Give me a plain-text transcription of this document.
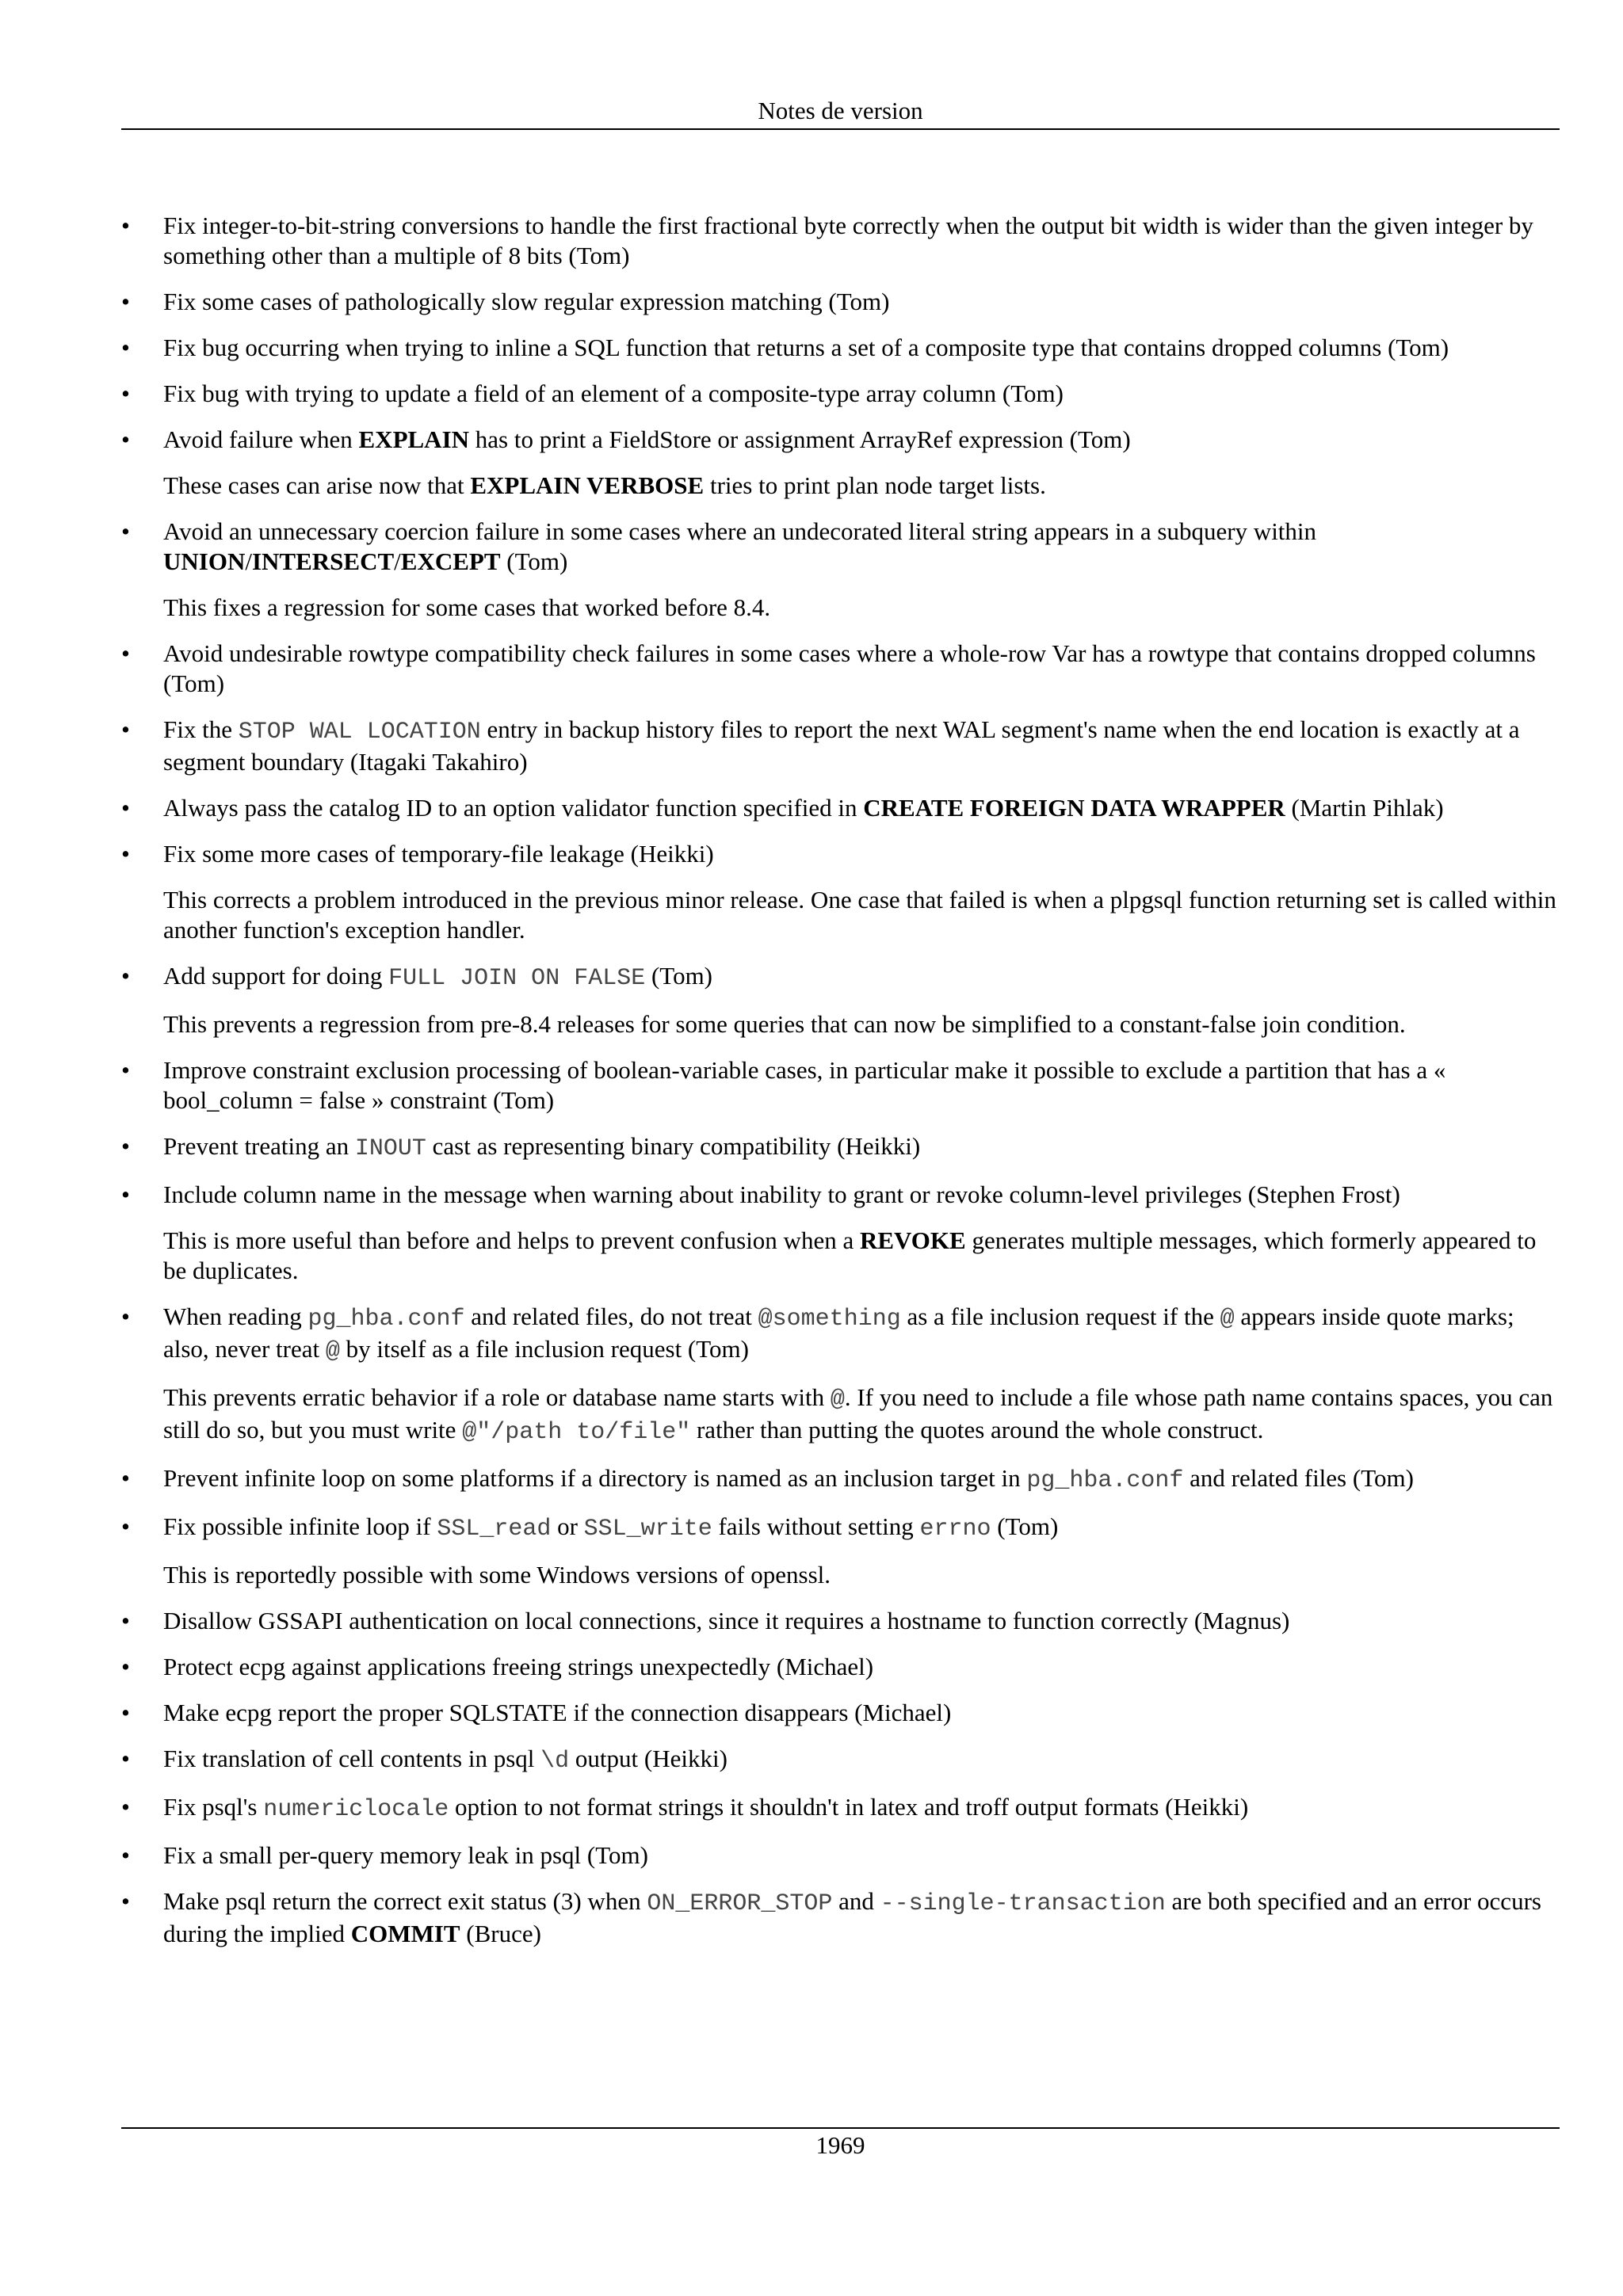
Notes de version
• Fix integer-to-bit-string conversions to handle the first fractional byte correctly when the output bit width is wider than the given integer by something other than a multiple of 8 bits (Tom)
• Fix some cases of pathologically slow regular expression matching (Tom)
• Fix bug occurring when trying to inline a SQL function that returns a set of a composite type that contains dropped columns (Tom)
• Fix bug with trying to update a field of an element of a composite-type array column (Tom)
• Avoid failure when EXPLAIN has to print a FieldStore or assignment ArrayRef expression (Tom)
These cases can arise now that EXPLAIN VERBOSE tries to print plan node target lists.
• Avoid an unnecessary coercion failure in some cases where an undecorated literal string appears in a subquery within UNION/INTERSECT/EXCEPT (Tom)
This fixes a regression for some cases that worked before 8.4.
• Avoid undesirable rowtype compatibility check failures in some cases where a whole-row Var has a rowtype that contains dropped columns (Tom)
• Fix the STOP WAL LOCATION entry in backup history files to report the next WAL segment's name when the end location is exactly at a segment boundary (Itagaki Takahiro)
• Always pass the catalog ID to an option validator function specified in CREATE FOREIGN DATA WRAPPER (Martin Pihlak)
• Fix some more cases of temporary-file leakage (Heikki)
This corrects a problem introduced in the previous minor release. One case that failed is when a plpgsql function returning set is called within another function's exception handler.
• Add support for doing FULL JOIN ON FALSE (Tom)
This prevents a regression from pre-8.4 releases for some queries that can now be simplified to a constant-false join condition.
• Improve constraint exclusion processing of boolean-variable cases, in particular make it possible to exclude a partition that has a « bool_column = false » constraint (Tom)
• Prevent treating an INOUT cast as representing binary compatibility (Heikki)
• Include column name in the message when warning about inability to grant or revoke column-level privileges (Stephen Frost)
This is more useful than before and helps to prevent confusion when a REVOKE generates multiple messages, which formerly appeared to be duplicates.
• When reading pg_hba.conf and related files, do not treat @something as a file inclusion request if the @ appears inside quote marks; also, never treat @ by itself as a file inclusion request (Tom)
This prevents erratic behavior if a role or database name starts with @. If you need to include a file whose path name contains spaces, you can still do so, but you must write @"/path to/file" rather than putting the quotes around the whole construct.
• Prevent infinite loop on some platforms if a directory is named as an inclusion target in pg_hba.conf and related files (Tom)
• Fix possible infinite loop if SSL_read or SSL_write fails without setting errno (Tom)
This is reportedly possible with some Windows versions of openssl.
• Disallow GSSAPI authentication on local connections, since it requires a hostname to function correctly (Magnus)
• Protect ecpg against applications freeing strings unexpectedly (Michael)
• Make ecpg report the proper SQLSTATE if the connection disappears (Michael)
• Fix translation of cell contents in psql \d output (Heikki)
• Fix psql's numericlocale option to not format strings it shouldn't in latex and troff output formats (Heikki)
• Fix a small per-query memory leak in psql (Tom)
• Make psql return the correct exit status (3) when ON_ERROR_STOP and --single-transaction are both specified and an error occurs during the implied COMMIT (Bruce)
1969
